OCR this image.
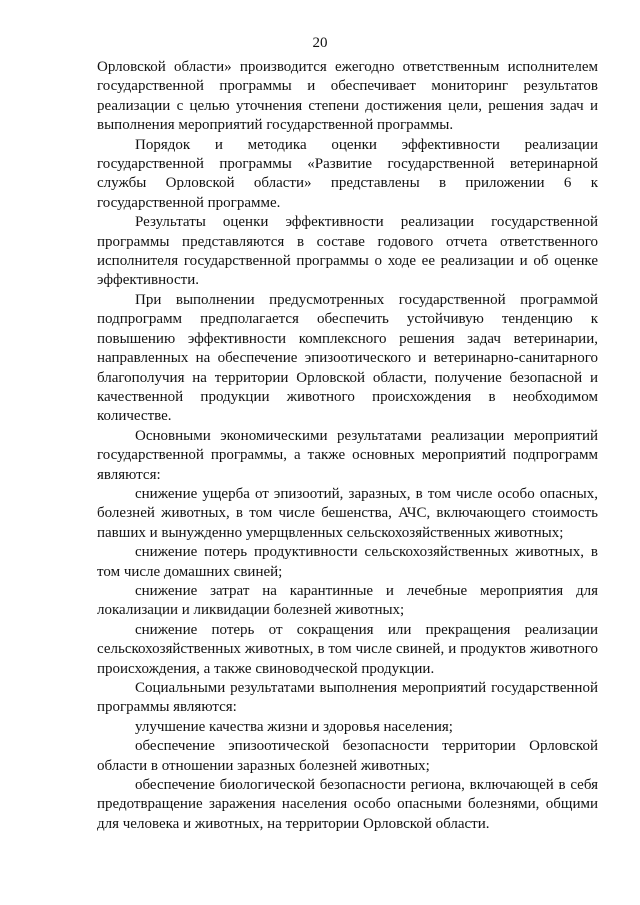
20

Орловской области» производится ежегодно ответственным исполнителем государственной программы и обеспечивает мониторинг результатов реализации с целью уточнения степени достижения цели, решения задач и выполнения мероприятий государственной программы.

Порядок и методика оценки эффективности реализации государственной программы «Развитие государственной ветеринарной службы Орловской области» представлены в приложении 6 к государственной программе.

Результаты оценки эффективности реализации государственной программы представляются в составе годового отчета ответственного исполнителя государственной программы о ходе ее реализации и об оценке эффективности.

При выполнении предусмотренных государственной программой подпрограмм предполагается обеспечить устойчивую тенденцию к повышению эффективности комплексного решения задач ветеринарии, направленных на обеспечение эпизоотического и ветеринарно-санитарного благополучия на территории Орловской области, получение безопасной и качественной продукции животного происхождения в необходимом количестве.

Основными экономическими результатами реализации мероприятий государственной программы, а также основных мероприятий подпрограмм являются:

снижение ущерба от эпизоотий, заразных, в том числе особо опасных, болезней животных, в том числе бешенства, АЧС, включающего стоимость павших и вынужденно умерщвленных сельскохозяйственных животных;

снижение потерь продуктивности сельскохозяйственных животных, в том числе домашних свиней;

снижение затрат на карантинные и лечебные мероприятия для локализации и ликвидации болезней животных;

снижение потерь от сокращения или прекращения реализации сельскохозяйственных животных, в том числе свиней, и продуктов животного происхождения, а также свиноводческой продукции.

Социальными результатами выполнения мероприятий государственной программы являются:

улучшение качества жизни и здоровья населения;

обеспечение эпизоотической безопасности территории Орловской области в отношении заразных болезней животных;

обеспечение биологической безопасности региона, включающей в себя предотвращение заражения населения особо опасными болезнями, общими для человека и животных, на территории Орловской области.
